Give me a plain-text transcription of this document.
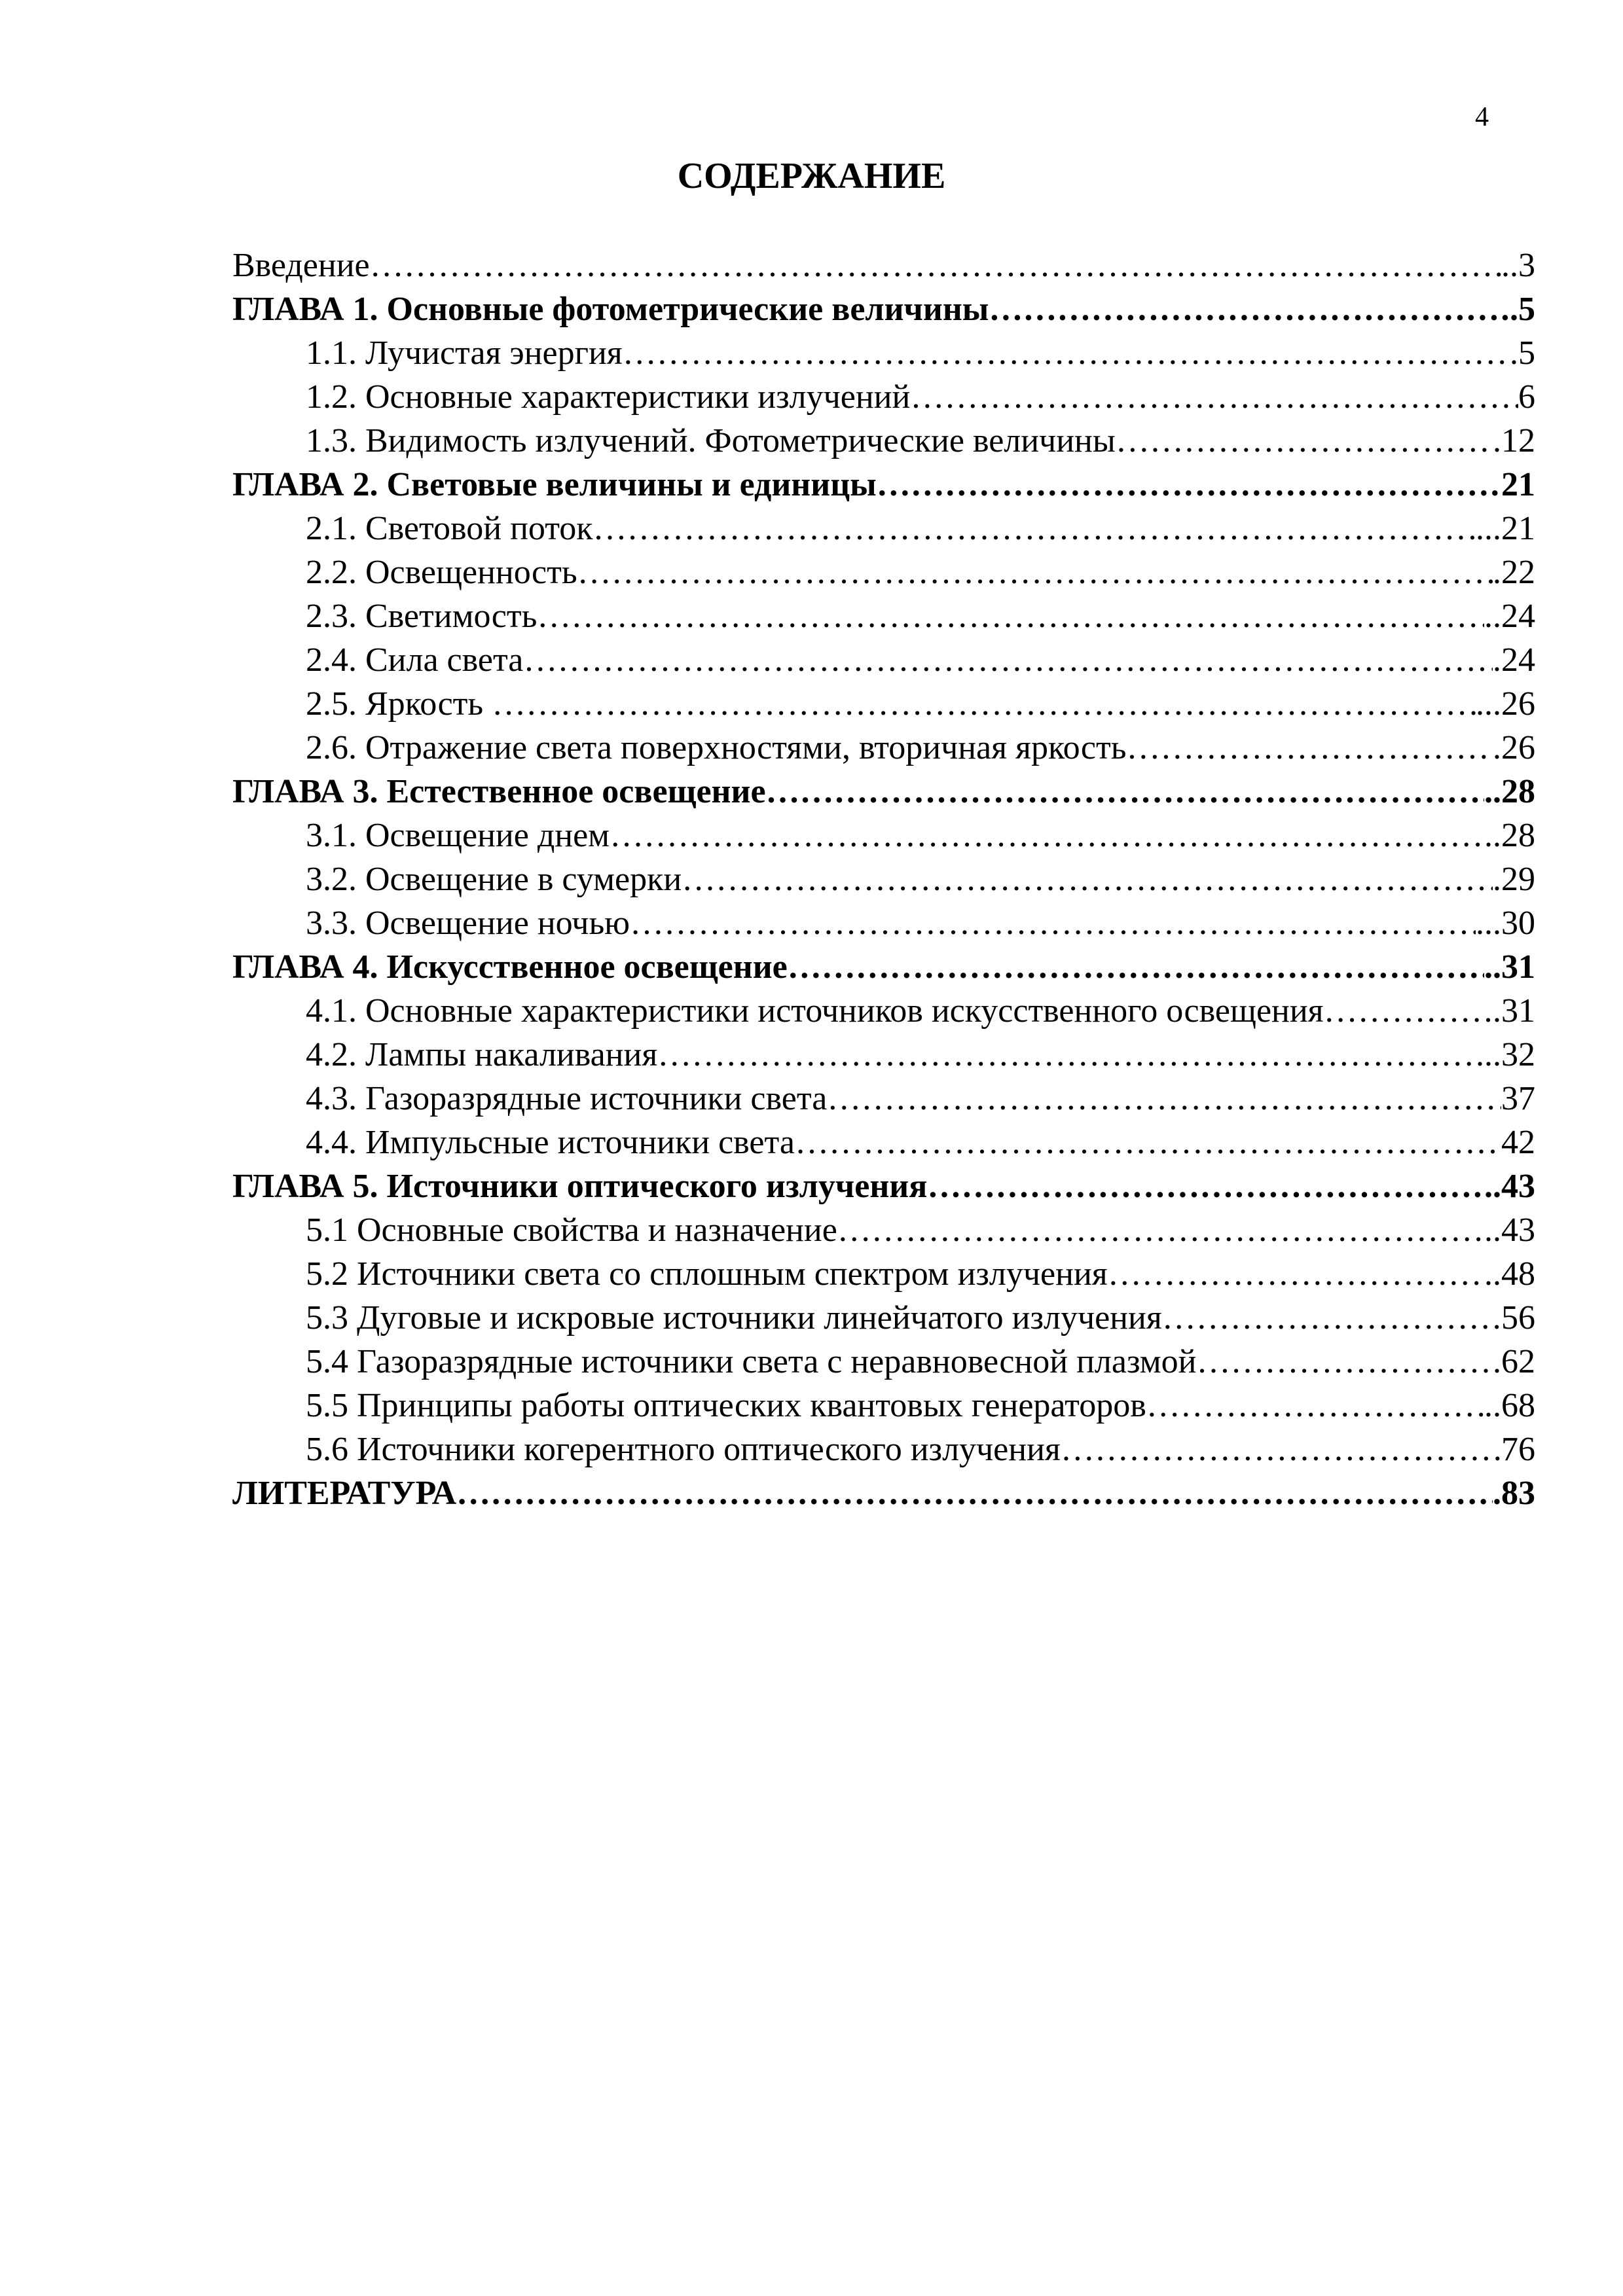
4
СОДЕРЖАНИЕ
Введение ……………………………………………………………………………………………………………………………………………………………………………………………………	..3
ГЛАВА 1. Основные фотометрические величины ……………………………………………………………………………………………………………………………………………………………………………………………………	.5
1.1. Лучистая энергия ……………………………………………………………………………………………………………………………………………………………………………………………………	.5
1.2. Основные характеристики излучений ……………………………………………………………………………………………………………………………………………………………………………………………………	6
1.3. Видимость излучений. Фотометрические величины ……………………………………………………………………………………………………………………………………………………………………………………………………	.12
ГЛАВА 2. Световые величины и единицы ……………………………………………………………………………………………………………………………………………………………………………………………………	21
2.1. Световой поток ……………………………………………………………………………………………………………………………………………………………………………………………………	...21
2.2. Освещенность ……………………………………………………………………………………………………………………………………………………………………………………………………	.22
2.3. Светимость ……………………………………………………………………………………………………………………………………………………………………………………………………	..24
2.4. Сила света ……………………………………………………………………………………………………………………………………………………………………………………………………	.24
2.5. Яркость ……………………………………………………………………………………………………………………………………………………………………………………………………	...26
2.6. Отражение света поверхностями, вторичная яркость ……………………………………………………………………………………………………………………………………………………………………………………………………	.26
ГЛАВА 3. Естественное освещение ……………………………………………………………………………………………………………………………………………………………………………………………………	..28
3.1. Освещение днем ……………………………………………………………………………………………………………………………………………………………………………………………………	..28
3.2. Освещение в сумерки ……………………………………………………………………………………………………………………………………………………………………………………………………	.29
3.3. Освещение ночью ……………………………………………………………………………………………………………………………………………………………………………………………………	...30
ГЛАВА 4. Искусственное освещение ……………………………………………………………………………………………………………………………………………………………………………………………………	..31
4.1. Основные характеристики источников искусственного освещения ……………………………………………………………………………………………………………………………………………………………………………………………………	.31
4.2. Лампы накаливания ……………………………………………………………………………………………………………………………………………………………………………………………………	...32
4.3. Газоразрядные источники света ……………………………………………………………………………………………………………………………………………………………………………………………………	37
4.4. Импульсные источники света ……………………………………………………………………………………………………………………………………………………………………………………………………	42
ГЛАВА 5. Источники оптического излучения ……………………………………………………………………………………………………………………………………………………………………………………………………	..43
5.1 Основные свойства и назначение ……………………………………………………………………………………………………………………………………………………………………………………………………	..43
5.2 Источники света со сплошным спектром излучения ……………………………………………………………………………………………………………………………………………………………………………………………………	..48
5.3 Дуговые и искровые источники линейчатого излучения ……………………………………………………………………………………………………………………………………………………………………………………………………	56
5.4 Газоразрядные источники света с неравновесной плазмой ……………………………………………………………………………………………………………………………………………………………………………………………………	.62
5.5 Принципы работы оптических квантовых генераторов ……………………………………………………………………………………………………………………………………………………………………………………………………	..68
5.6 Источники когерентного оптического излучения ……………………………………………………………………………………………………………………………………………………………………………………………………	76
ЛИТЕРАТУРА ……………………………………………………………………………………………………………………………………………………………………………………………………	.83
